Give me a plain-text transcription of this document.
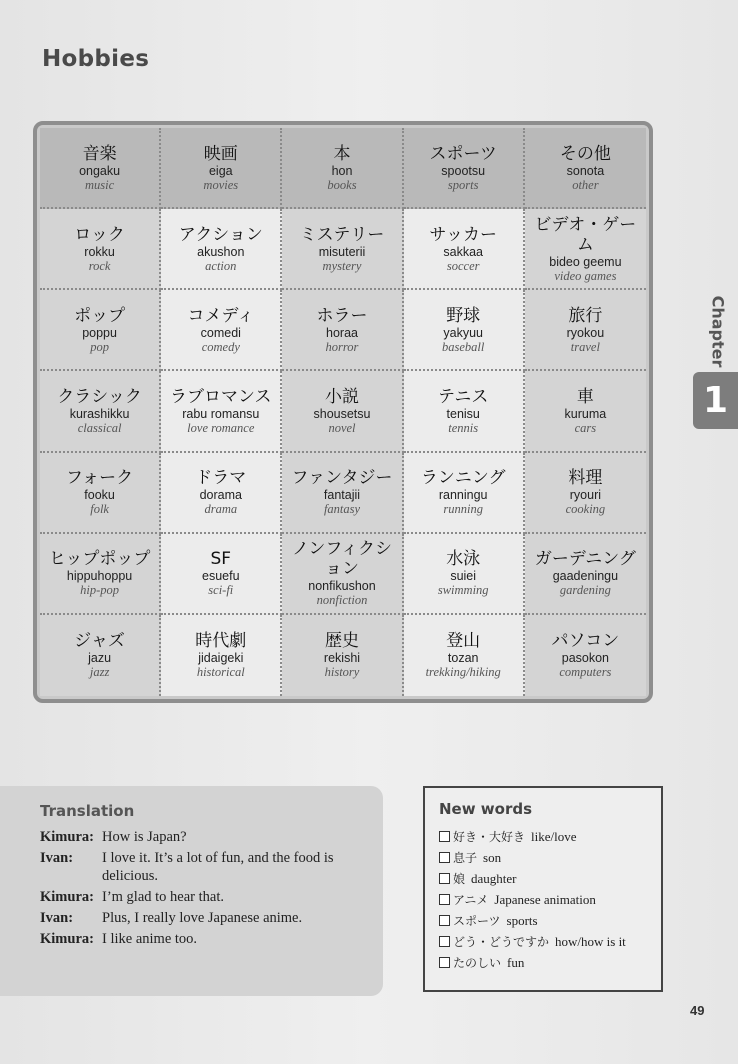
Hobbies
音楽
ongaku
music
映画
eiga
movies
本
hon
books
スポーツ
spootsu
sports
その他
sonota
other
ロック
rokku
rock
アクション
akushon
action
ミステリー
misuterii
mystery
サッカー
sakkaa
soccer
ビデオ・ゲーム
bideo geemu
video games
ポップ
poppu
pop
コメディ
comedi
comedy
ホラー
horaa
horror
野球
yakyuu
baseball
旅行
ryokou
travel
クラシック
kurashikku
classical
ラブロマンス
rabu romansu
love romance
小説
shousetsu
novel
テニス
tenisu
tennis
車
kuruma
cars
フォーク
fooku
folk
ドラマ
dorama
drama
ファンタジー
fantajii
fantasy
ランニング
ranningu
running
料理
ryouri
cooking
ヒップポップ
hippuhoppu
hip-pop
SF
esuefu
sci-fi
ノンフィクション
nonfikushon
nonfiction
水泳
suiei
swimming
ガーデニング
gaadeningu
gardening
ジャズ
jazu
jazz
時代劇
jidaigeki
historical
歴史
rekishi
history
登山
tozan
trekking/hiking
パソコン
pasokon
computers
Chapter
1
Translation
Kimura: How is Japan?
Ivan:	I love it. It’s a lot of fun, and the food is delicious.
Kimura: I’m glad to hear that.
Ivan:	Plus, I really love Japanese anime.
Kimura: I like anime too.
New words
好き・大好き like/love
息子 son
娘 daughter
アニメ Japanese animation
スポーツ sports
どう・どうですか how/how is it
たのしい fun
49
